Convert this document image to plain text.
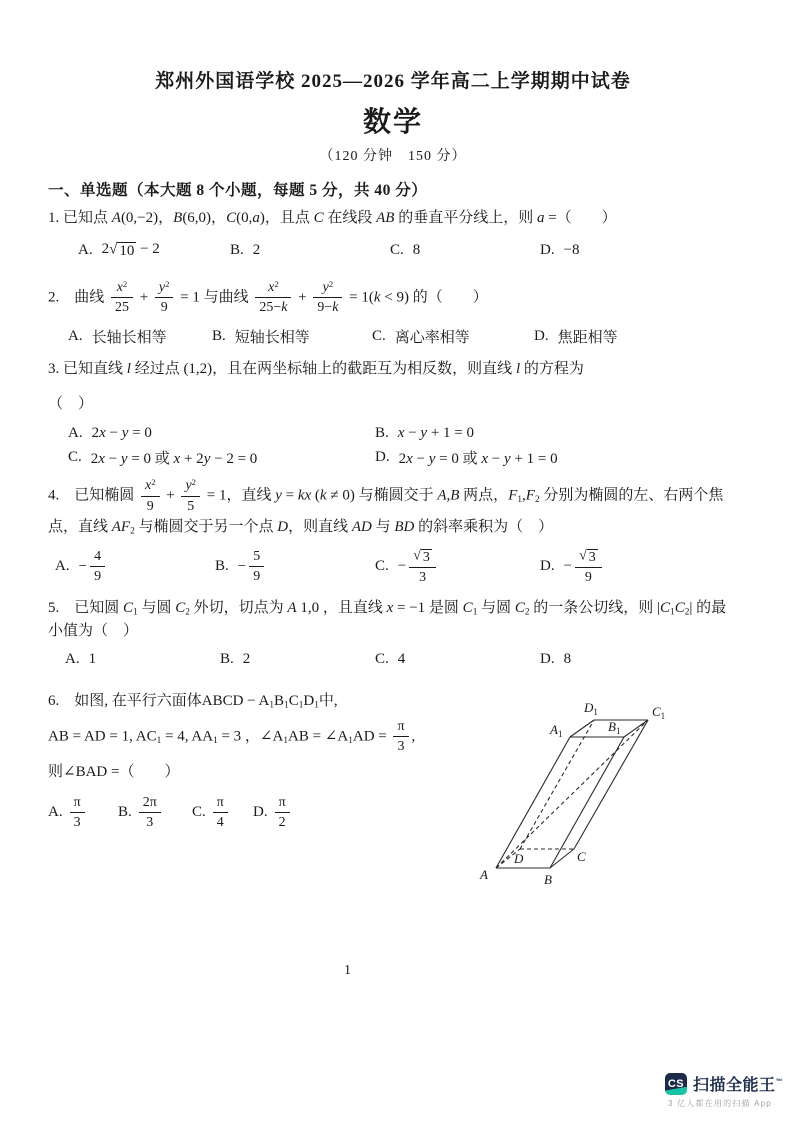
郑州外国语学校 2025—2026 学年高二上学期期中试卷
数学
（120 分钟　150 分）
一、单选题（本大题 8 个小题，每题 5 分，共 40 分）
1. 已知点 A(0,−2)，B(6,0)，C(0,a)，且点 C 在线段 AB 的垂直平分线上，则 a =（　　）
A. 2 √ 10 − 2	B. 2	C. 8	D. −8
2.　曲线 $\frac{x^2}{25} + \frac{y^2}{9} = 1$ 与曲线 $\frac{x^2}{25-k} + \frac{y^2}{9-k} = 1(k < 9)$ 的（　　）
A. 长轴长相等	B. 短轴长相等	C. 离心率相等	D. 焦距相等
3. 已知直线 l 经过点 (1,2)，且在两坐标轴上的截距互为相反数，则直线 l 的方程为
（　）
A. 2x − y = 0	B. x − y + 1 = 0
C. 2x − y = 0 或 x + 2y − 2 = 0	D. 2x − y = 0 或 x − y + 1 = 0
4.　已知椭圆 $\frac{x^2}{9} + \frac{y^2}{5} = 1$，直线 y = kx (k ≠ 0) 与椭圆交于 A,B 两点，$F_1,F_2$ 分别为椭圆的左、右两个焦点，直线 $AF_2$ 与椭圆交于另一个点 D，则直线 AD 与 BD 的斜率乘积为（　）
A. − $\frac{4}{9}$	B. − $\frac{5}{9}$	C. − $\frac{√ 3}{3}$	D. − $\frac{√ 3}{9}$
5.　已知圆 $C_1$ 与圆 $C_2$ 外切，切点为 A 1,0 ，且直线 x = −1 是圆 $C_1$ 与圆 $C_2$ 的一条公切线，则 $|C_1C_2|$ 的最小值为（　）
A. 1	B. 2	C. 4	D. 8
6.　如图, 在平行六面体ABCD − $A_1B_1C_1D_1$中,
AB = AD = 1, $AC_1 = 4$, $AA_1 = 3$ ，$\angle A_1AB$ = $\angle A_1AD = \frac{\pi}{3}$ ,
则∠BAD =（　　）
A. $\frac{\pi}{3} B$. $\frac{2\pi}{3} C$. $\frac{\pi}{4} D$. $\frac{\pi}{2}$
A	B
C
D
$A_1$	$B_1$
$C_1$
$D_1$
1
CS 扫描全能王™
3 亿人都在用的扫描 App
